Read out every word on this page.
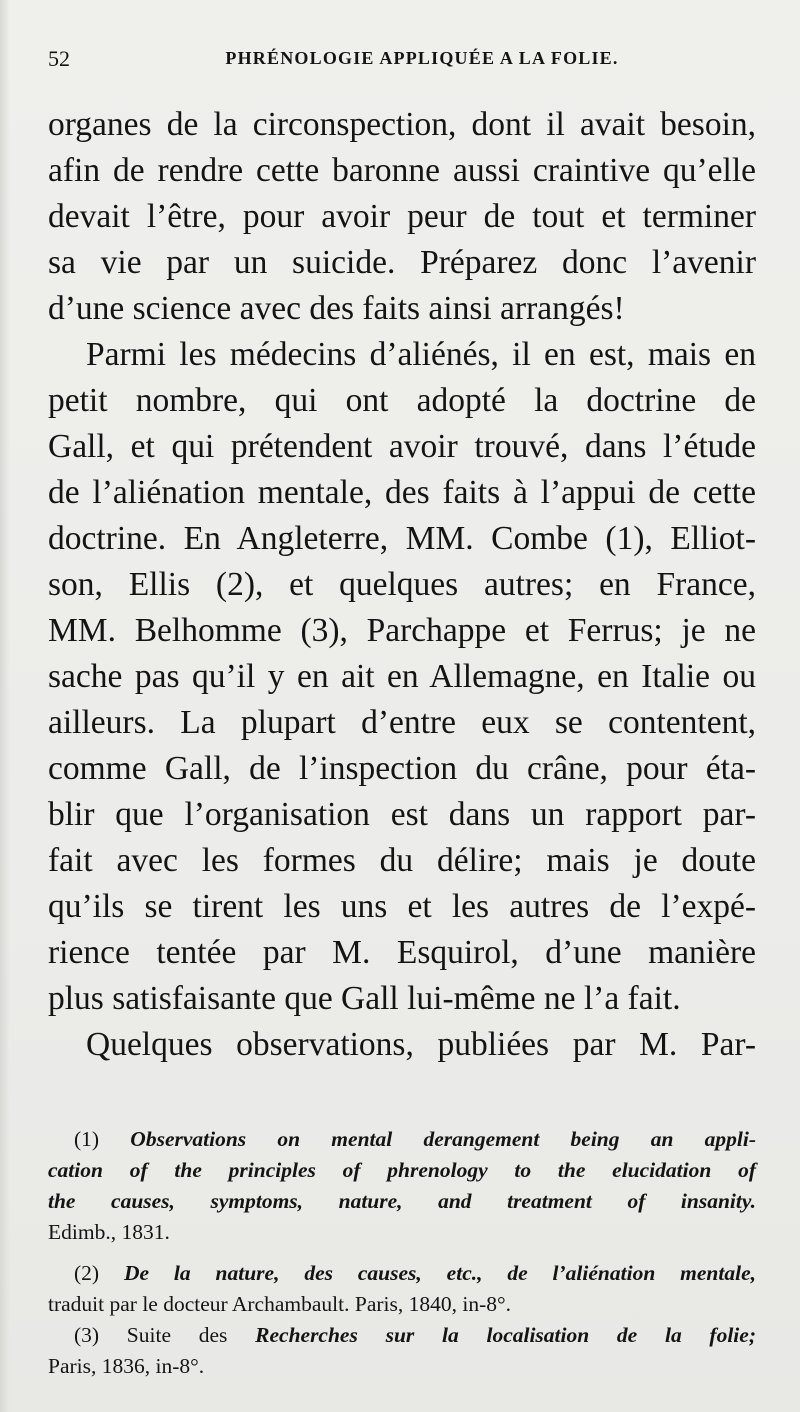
52	PHRÉNOLOGIE APPLIQUÉE A LA FOLIE.
organes de la circonspection, dont il avait besoin,
afin de rendre cette baronne aussi craintive qu’elle
devait l’être, pour avoir peur de tout et terminer
sa vie par un suicide. Préparez donc l’avenir
d’une science avec des faits ainsi arrangés!
Parmi les médecins d’aliénés, il en est, mais en
petit nombre, qui ont adopté la doctrine de
Gall, et qui prétendent avoir trouvé, dans l’étude
de l’aliénation mentale, des faits à l’appui de cette
doctrine. En Angleterre, MM. Combe (1), Elliot-
son, Ellis (2), et quelques autres; en France,
MM. Belhomme (3), Parchappe et Ferrus; je ne
sache pas qu’il y en ait en Allemagne, en Italie ou
ailleurs. La plupart d’entre eux se contentent,
comme Gall, de l’inspection du crâne, pour éta-
blir que l’organisation est dans un rapport par-
fait avec les formes du délire; mais je doute
qu’ils se tirent les uns et les autres de l’expé-
rience tentée par M. Esquirol, d’une manière
plus satisfaisante que Gall lui-même ne l’a fait.
Quelques observations, publiées par M. Par-
(1) Observations on mental derangement being an appli-
cation of the principles of phrenology to the elucidation of
the causes, symptoms, nature, and treatment of insanity.
Edimb., 1831.
(2) De la nature, des causes, etc., de l’aliénation mentale,
traduit par le docteur Archambault. Paris, 1840, in-8°.
(3) Suite des Recherches sur la localisation de la folie;
Paris, 1836, in-8°.
